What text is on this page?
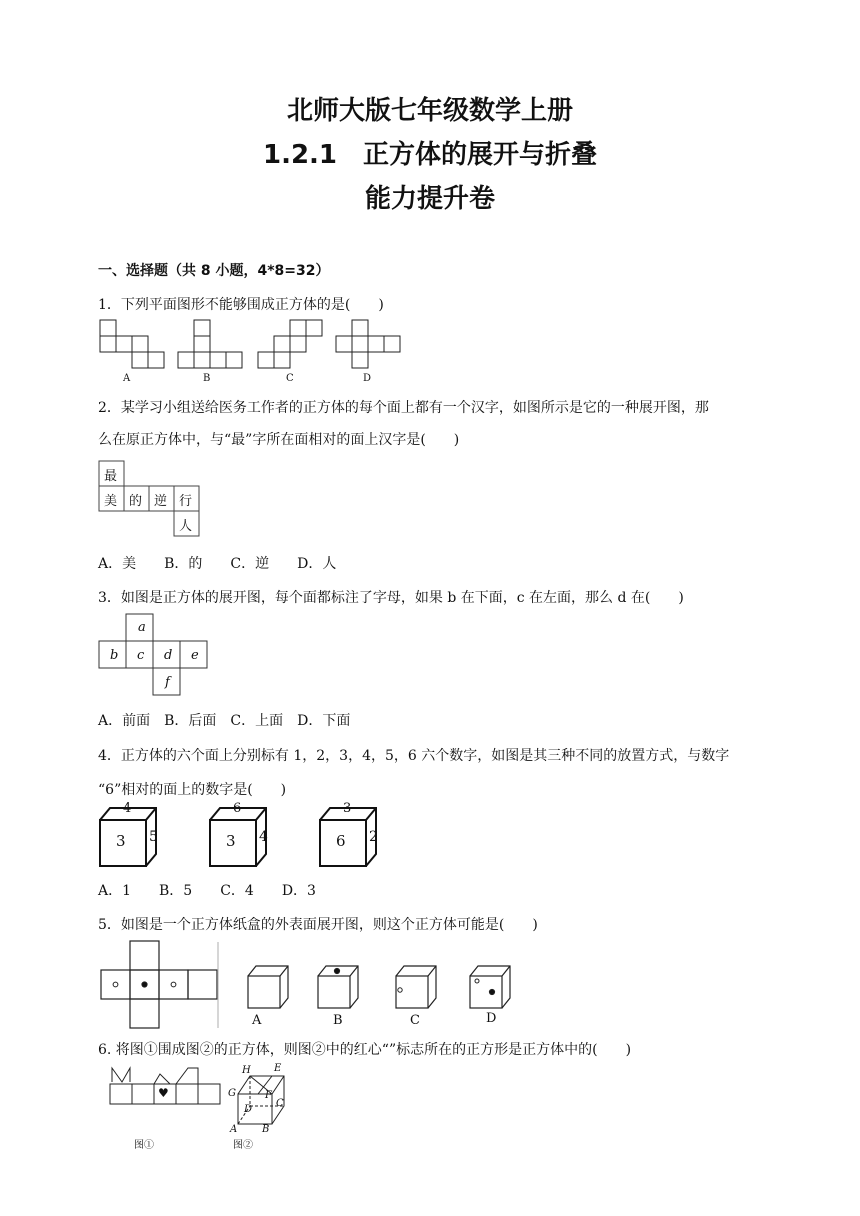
北师大版七年级数学上册
1.2.1　正方体的展开与折叠
能力提升卷
一、选择题（共 8 小题，4*8=32）
1．下列平面图形不能够围成正方体的是(　　)
A	B	C	D
2．某学习小组送给医务工作者的正方体的每个面上都有一个汉字，如图所示是它的一种展开图，那
么在原正方体中，与“最”字所在面相对的面上汉字是(　　)
最
美 的 逆 行
人
A．美　　B．的　　C．逆　　D．人
3．如图是正方体的展开图，每个面都标注了字母，如果 b 在下面，c 在左面，那么 d 在(　　)
a
b c d e
f
A．前面　B．后面　C．上面　D．下面
4．正方体的六个面上分别标有 1，2，3，4，5，6 六个数字，如图是其三种不同的放置方式，与数字
“6”相对的面上的数字是(　　)
4
3 5
6
3 4
3
6 2
A．1　　B．5　　C．4　　D．3
5．如图是一个正方体纸盒的外表面展开图，则这个正方体可能是(　　)
A	B	C	D
6. 将图①围成图②的正方体，则图②中的红心“”标志所在的正方形是正方体中的(　　)
♥
图①	图②
H E
G	F
C
D
A B
